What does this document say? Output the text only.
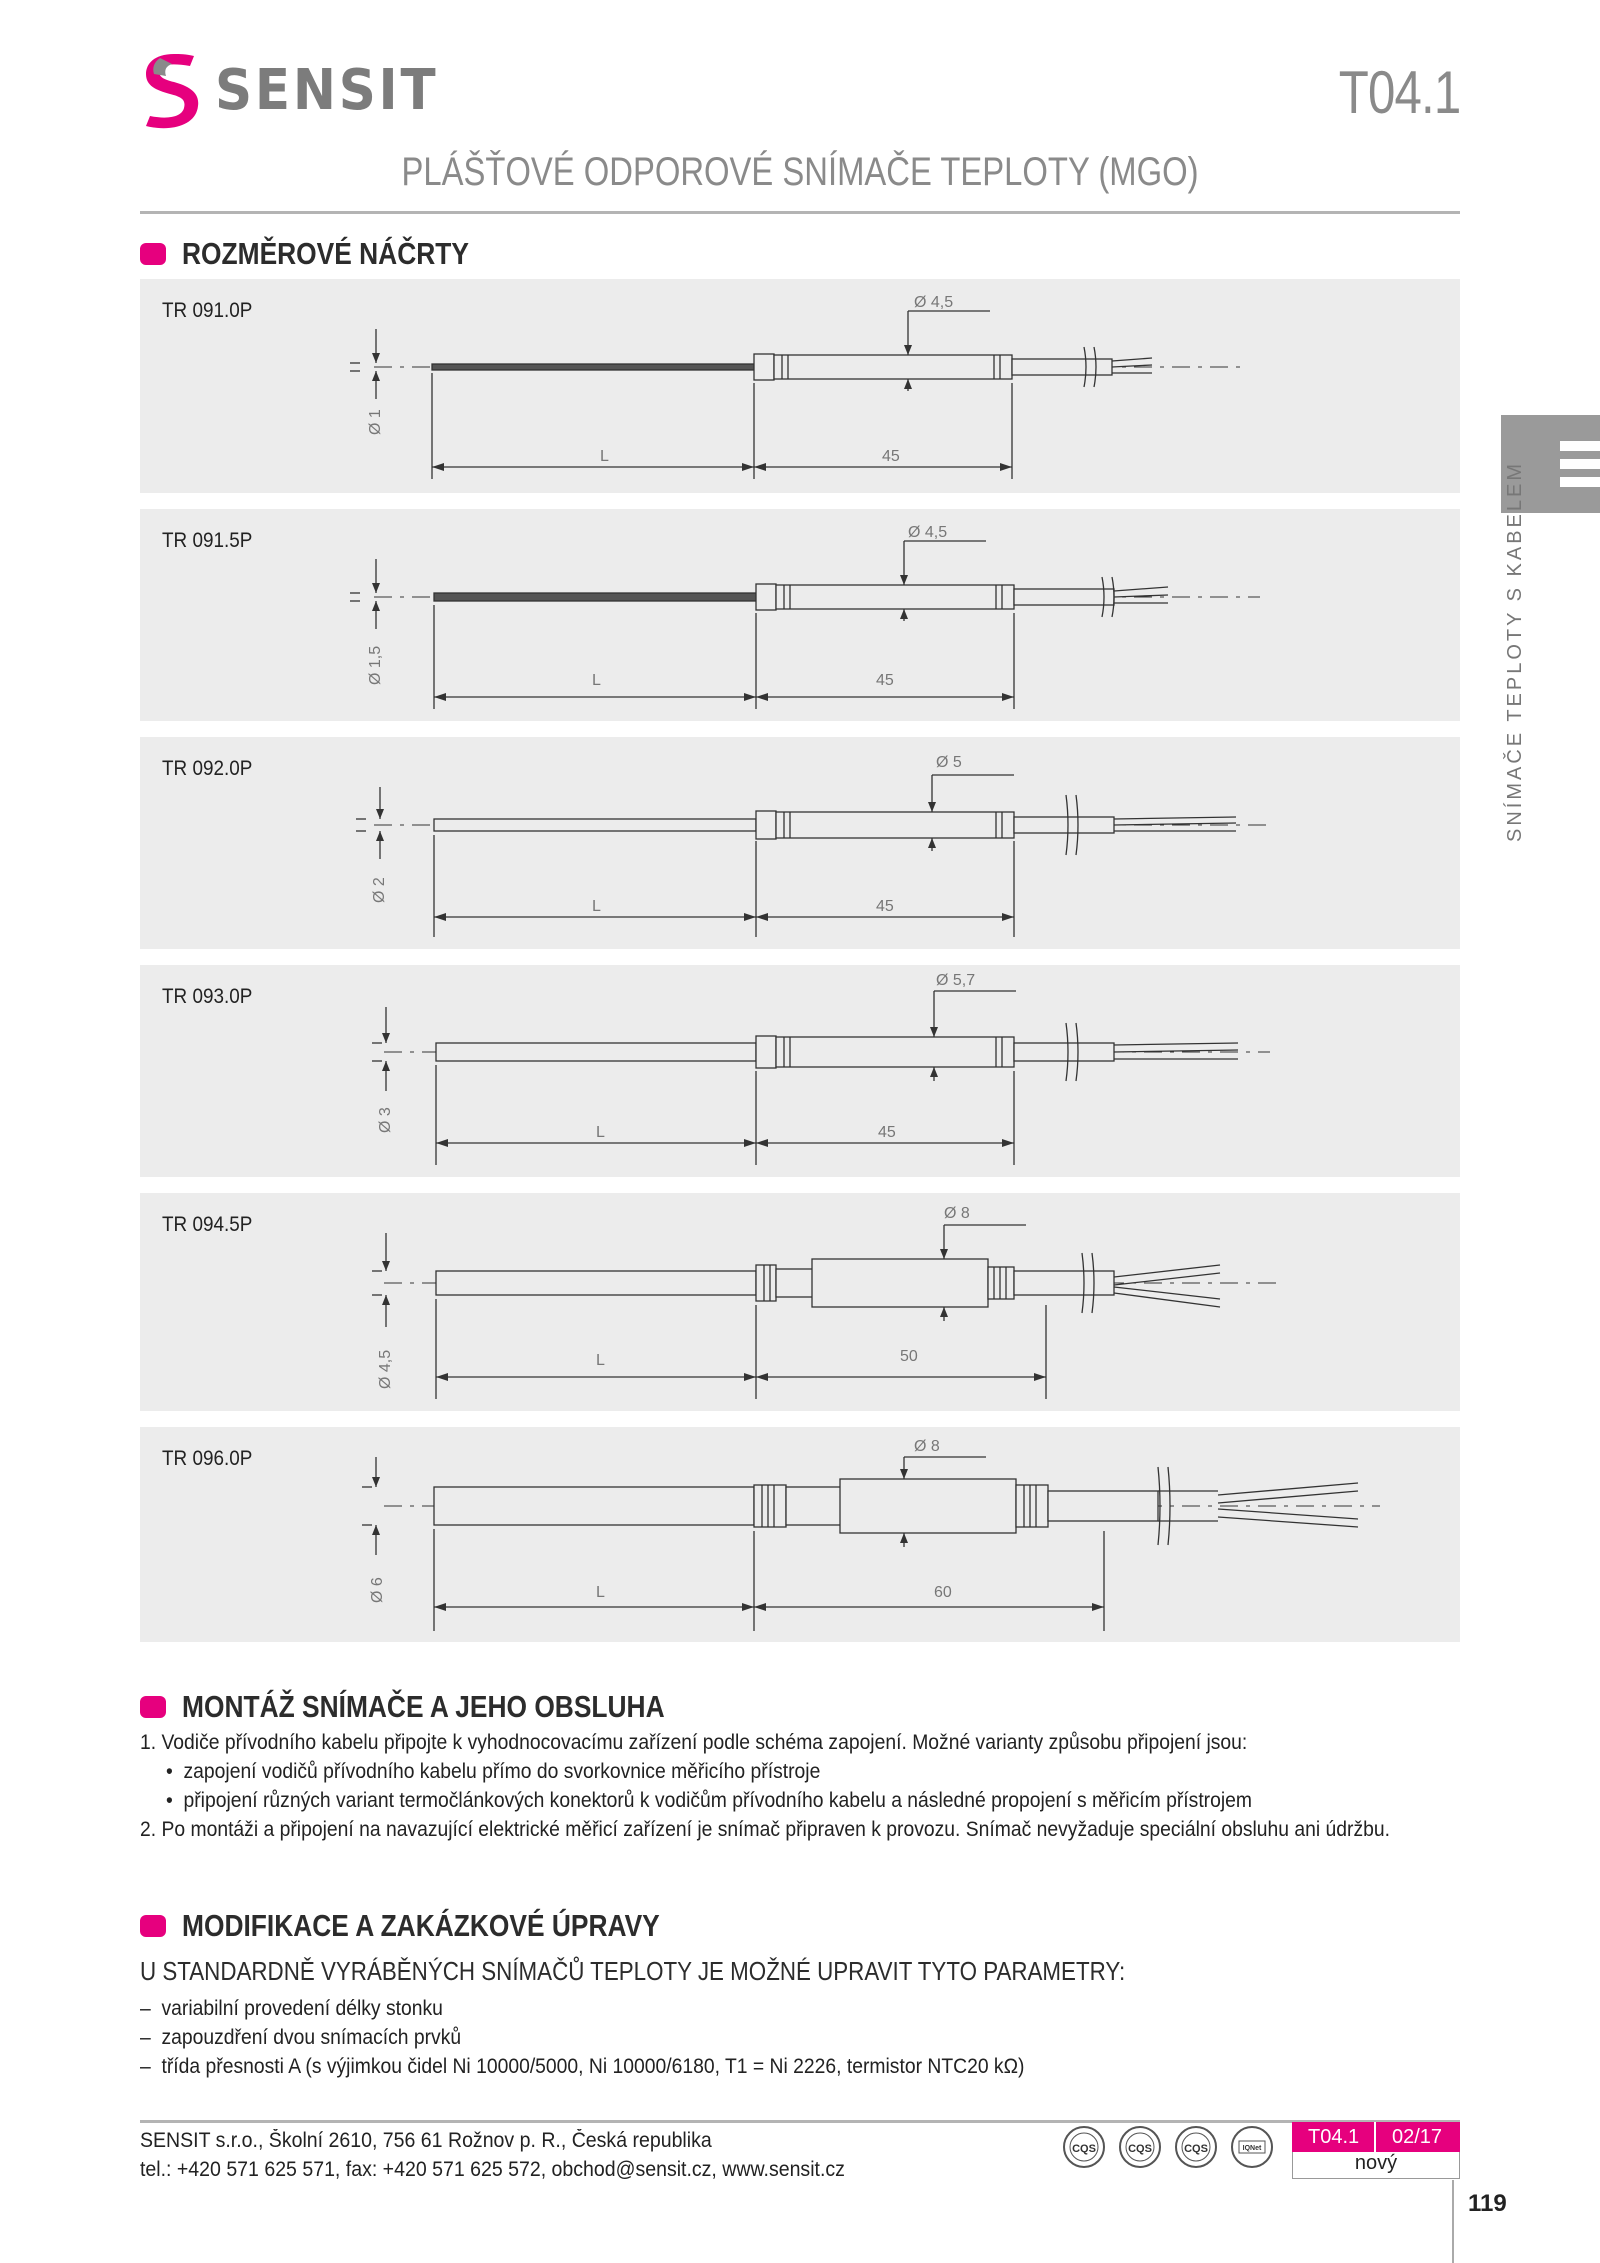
SENSIT	T04.1
PLÁŠŤOVÉ ODPOROVÉ SNÍMAČE TEPLOTY (MGO)
SNÍMAČE TEPLOTY S KABELEM
ROZMĚROVÉ NÁČRTY
TR 091.0P
Ø 1
Ø 4,5
L	45
TR 091.5P
Ø 1,5
Ø 4,5
L	45
TR 092.0P
Ø 2
Ø 5
L	45
TR 093.0P
Ø 3
Ø 5,7
L	45
TR 094.5P
Ø 4,5
Ø 8
L	50
TR 096.0P
Ø 6
Ø 8
L	60
MONTÁŽ SNÍMAČE A JEHO OBSLUHA
1. Vodiče přívodního kabelu připojte k vyhodnocovacímu zařízení podle schéma zapojení. Možné varianty způsobu připojení jsou:
•  zapojení vodičů přívodního kabelu přímo do svorkovnice měřicího přístroje
•  připojení různých variant termočlánkových konektorů k vodičům přívodního kabelu a následné propojení s měřicím přístrojem
2. Po montáži a připojení na navazující elektrické měřicí zařízení je snímač připraven k provozu. Snímač nevyžaduje speciální obsluhu ani údržbu.
MODIFIKACE A ZAKÁZKOVÉ ÚPRAVY
U STANDARDNĚ VYRÁBĚNÝCH SNÍMAČŮ TEPLOTY JE MOŽNÉ UPRAVIT TYTO PARAMETRY:
–  variabilní provedení délky stonku
–  zapouzdření dvou snímacích prvků
–  třída přesnosti A (s výjimkou čidel Ni 10000/5000, Ni 10000/6180, T1 = Ni 2226, termistor NTC20 kΩ)
SENSIT s.r.o., Školní 2610, 756 61 Rožnov p. R., Česká republika
tel.: +420 571 625 571, fax: +420 571 625 572, obchod@sensit.cz, www.sensit.cz
CQS	CQS	CQS	IQNet
T04.1 02/17
nový
119
